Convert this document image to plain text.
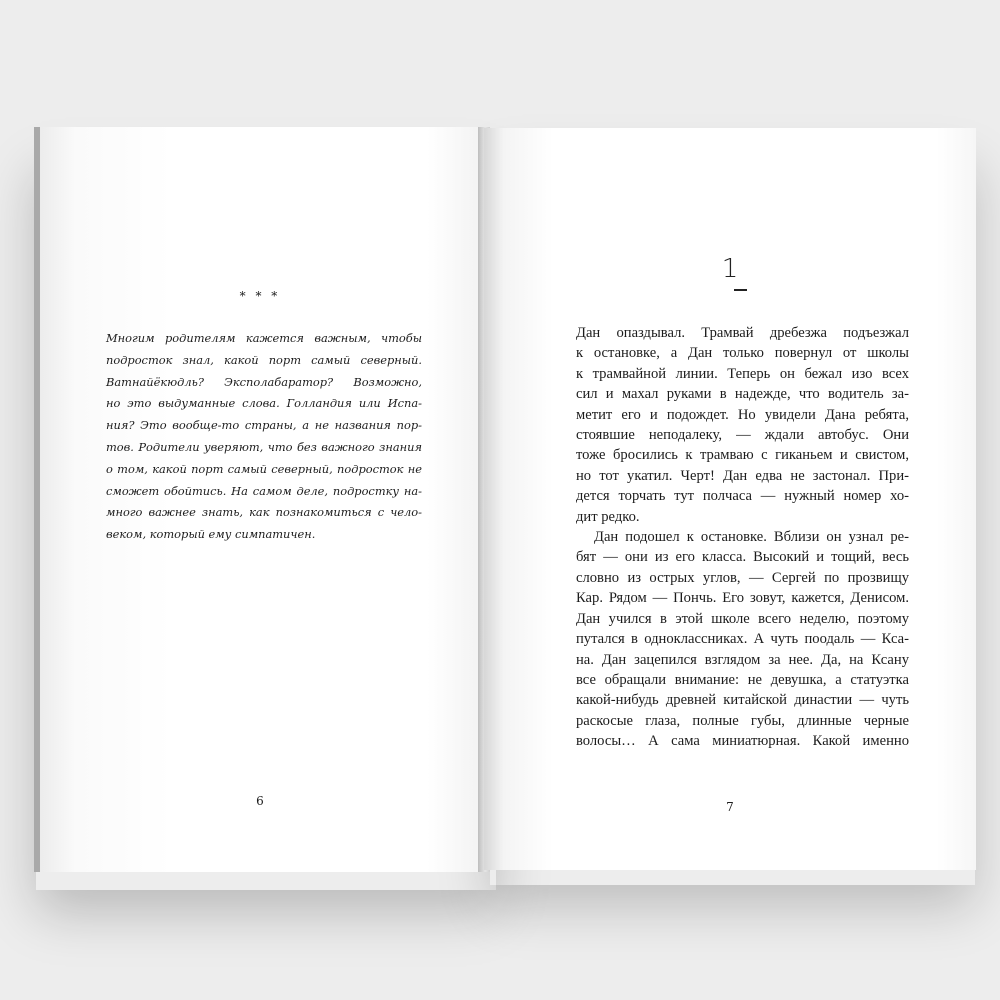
* * *
Многим родителям кажется важным, чтобы
подросток знал, какой порт самый северный.
Ватнайёкюдль? Эксполабаратор? Возможно,
но это выдуманные слова. Голландия или Испа-
ния? Это вообще-то страны, а не названия пор-
тов. Родители уверяют, что без важного знания
о том, какой порт самый северный, подросток не
сможет обойтись. На самом деле, подростку на-
много важнее знать, как познакомиться с чело-
веком, который ему симпатичен.
6
1
Дан опаздывал. Трамвай дребезжа подъезжал
к остановке, а Дан только повернул от школы
к трамвайной линии. Теперь он бежал изо всех
сил и махал руками в надежде, что водитель за-
метит его и подождет. Но увидели Дана ребята,
стоявшие неподалеку, — ждали автобус. Они
тоже бросились к трамваю с гиканьем и свистом,
но тот укатил. Черт! Дан едва не застонал. При-
дется торчать тут полчаса — нужный номер хо-
дит редко.
Дан подошел к остановке. Вблизи он узнал ре-
бят — они из его класса. Высокий и тощий, весь
словно из острых углов, — Сергей по прозвищу
Кар. Рядом — Пончь. Его зовут, кажется, Денисом.
Дан учился в этой школе всего неделю, поэтому
путался в одноклассниках. А чуть поодаль — Кса-
на. Дан зацепился взглядом за нее. Да, на Ксану
все обращали внимание: не девушка, а статуэтка
какой-нибудь древней китайской династии — чуть
раскосые глаза, полные губы, длинные черные
волосы… А сама миниатюрная. Какой именно
7
